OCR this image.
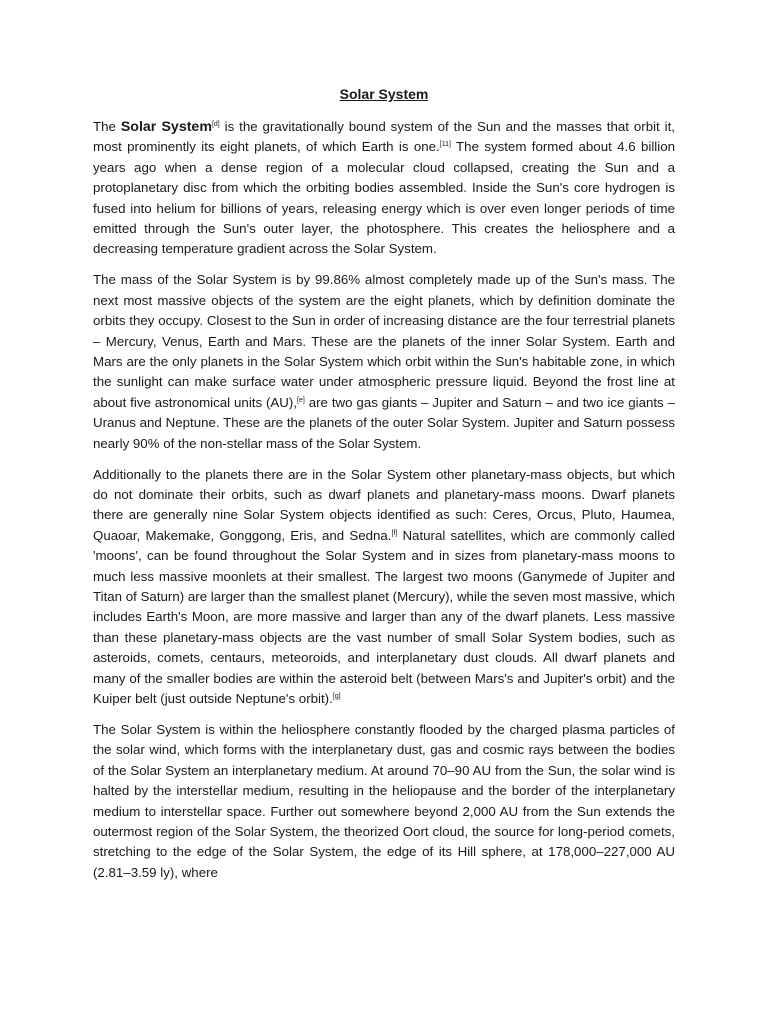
Solar System

The Solar System[d] is the gravitationally bound system of the Sun and the masses that orbit it, most prominently its eight planets, of which Earth is one.[11] The system formed about 4.6 billion years ago when a dense region of a molecular cloud collapsed, creating the Sun and a protoplanetary disc from which the orbiting bodies assembled. Inside the Sun's core hydrogen is fused into helium for billions of years, releasing energy which is over even longer periods of time emitted through the Sun's outer layer, the photosphere. This creates the heliosphere and a decreasing temperature gradient across the Solar System.

The mass of the Solar System is by 99.86% almost completely made up of the Sun's mass. The next most massive objects of the system are the eight planets, which by definition dominate the orbits they occupy. Closest to the Sun in order of increasing distance are the four terrestrial planets – Mercury, Venus, Earth and Mars. These are the planets of the inner Solar System. Earth and Mars are the only planets in the Solar System which orbit within the Sun's habitable zone, in which the sunlight can make surface water under atmospheric pressure liquid. Beyond the frost line at about five astronomical units (AU),[e] are two gas giants – Jupiter and Saturn – and two ice giants – Uranus and Neptune. These are the planets of the outer Solar System. Jupiter and Saturn possess nearly 90% of the non-stellar mass of the Solar System.

Additionally to the planets there are in the Solar System other planetary-mass objects, but which do not dominate their orbits, such as dwarf planets and planetary-mass moons. Dwarf planets there are generally nine Solar System objects identified as such: Ceres, Orcus, Pluto, Haumea, Quaoar, Makemake, Gonggong, Eris, and Sedna.[f] Natural satellites, which are commonly called 'moons', can be found throughout the Solar System and in sizes from planetary-mass moons to much less massive moonlets at their smallest. The largest two moons (Ganymede of Jupiter and Titan of Saturn) are larger than the smallest planet (Mercury), while the seven most massive, which includes Earth's Moon, are more massive and larger than any of the dwarf planets. Less massive than these planetary-mass objects are the vast number of small Solar System bodies, such as asteroids, comets, centaurs, meteoroids, and interplanetary dust clouds. All dwarf planets and many of the smaller bodies are within the asteroid belt (between Mars's and Jupiter's orbit) and the Kuiper belt (just outside Neptune's orbit).[g]

The Solar System is within the heliosphere constantly flooded by the charged plasma particles of the solar wind, which forms with the interplanetary dust, gas and cosmic rays between the bodies of the Solar System an interplanetary medium. At around 70–90 AU from the Sun, the solar wind is halted by the interstellar medium, resulting in the heliopause and the border of the interplanetary medium to interstellar space. Further out somewhere beyond 2,000 AU from the Sun extends the outermost region of the Solar System, the theorized Oort cloud, the source for long-period comets, stretching to the edge of the Solar System, the edge of its Hill sphere, at 178,000–227,000 AU (2.81–3.59 ly), where
